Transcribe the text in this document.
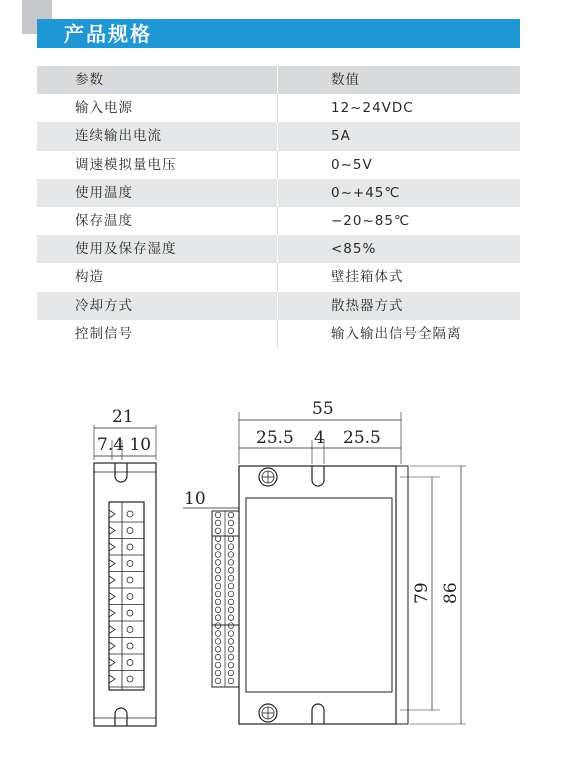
产品规格
参数	数值
输入电源	12~24VDC
连续输出电流	5A
调速模拟量电压	0~5V
使用温度	0~+45℃
保存温度	−20~85℃
使用及保存湿度	<85%
构造	壁挂箱体式
冷却方式	散热器方式
控制信号	输入输出信号全隔离
21
7.4 10
55
25.5 4 25.5
10
79 86
